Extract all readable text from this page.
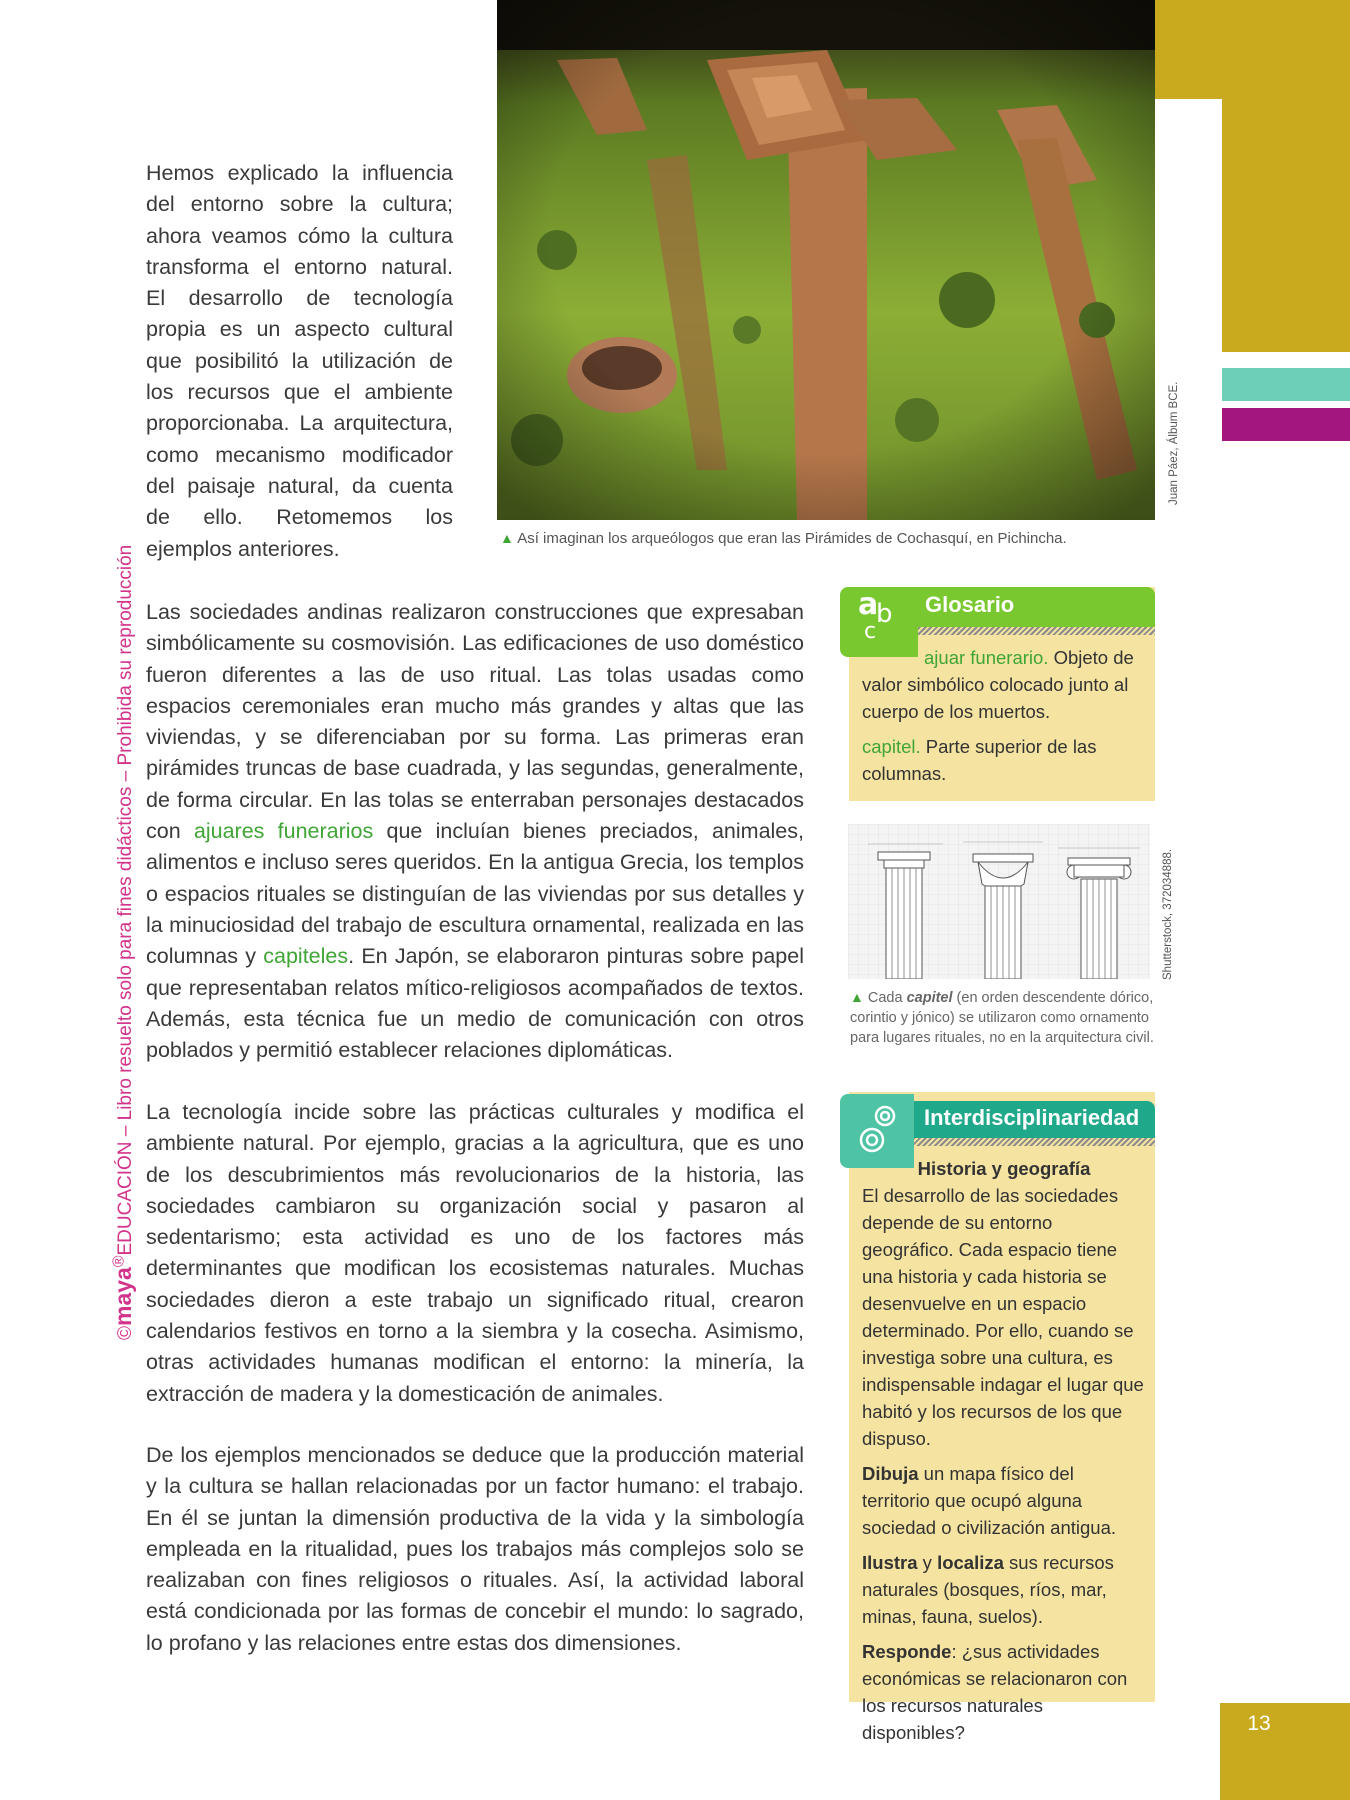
©maya®EDUCACIÓN – Libro resuelto solo para fines didácticos – Prohibida su reproducción
Hemos explicado la influencia del entorno sobre la cultura; ahora veamos cómo la cultura transforma el entorno natural. El desarrollo de tecnología propia es un aspecto cultural que posibilitó la utilización de los recursos que el ambiente proporcionaba. La arquitectura, como mecanismo modificador del paisaje natural, da cuenta de ello. Retomemos los ejemplos anteriores.	▲ Así imaginan los arqueólogos que eran las Pirámides de Cochasquí, en Pichincha.
Juan Páez, Álbum BCE.
Las sociedades andinas realizaron construcciones que expresaban simbólicamente su cosmovisión. Las edificaciones de uso doméstico fueron diferentes a las de uso ritual. Las tolas usadas como espacios ceremoniales eran mucho más grandes y altas que las viviendas, y se diferenciaban por su forma. Las primeras eran pirámides truncas de base cuadrada, y las segundas, generalmente, de forma circular. En las tolas se enterraban personajes destacados con ajuares funerarios que incluían bienes preciados, animales, alimentos e incluso seres queridos. En la antigua Grecia, los templos o espacios rituales se distinguían de las viviendas por sus detalles y la minuciosidad del trabajo de escultura ornamental, realizada en las columnas y capiteles. En Japón, se elaboraron pinturas sobre papel que representaban relatos mítico-religiosos acompañados de textos. Además, esta técnica fue un medio de comunicación con otros poblados y permitió establecer relaciones diplomáticas.
La tecnología incide sobre las prácticas culturales y modifica el ambiente natural. Por ejemplo, gracias a la agricultura, que es uno de los descubrimientos más revolucionarios de la historia, las sociedades cambiaron su organización social y pasaron al sedentarismo; esta actividad es uno de los factores más determinantes que modifican los ecosistemas naturales. Muchas sociedades dieron a este trabajo un significado ritual, crearon calendarios festivos en torno a la siembra y la cosecha. Asimismo, otras actividades humanas modifican el entorno: la minería, la extracción de madera y la domesticación de animales.
De los ejemplos mencionados se deduce que la producción material y la cultura se hallan relacionadas por un factor humano: el trabajo. En él se juntan la dimensión productiva de la vida y la simbología empleada en la ritualidad, pues los trabajos más complejos solo se realizaban con fines religiosos o rituales. Así, la actividad laboral está condicionada por las formas de concebir el mundo: lo sagrado, lo profano y las relaciones entre estas dos dimensiones.
Glosario
a
b
c

ajuar funerario. Objeto de valor simbólico colocado junto al cuerpo de los muertos.

capitel. Parte superior de las columnas.

Shutterstock, 372034888.
▲ Cada capitel (en orden descendente dórico, corintio y jónico) se utilizaron como ornamento para lugares rituales, no en la arquitectura civil.
Interdisciplinariedad

Historia y geografía

El desarrollo de las sociedades depende de su entorno geográfico. Cada espacio tiene una historia y cada historia se desenvuelve en un espacio determinado. Por ello, cuando se investiga sobre una cultura, es indispensable indagar el lugar que habitó y los recursos de los que dispuso.

Dibuja un mapa físico del territorio que ocupó alguna sociedad o civilización antigua.

Ilustra y localiza sus recursos naturales (bosques, ríos, mar, minas, fauna, suelos).

Responde: ¿sus actividades económicas se relacionaron con los recursos naturales disponibles?	13
